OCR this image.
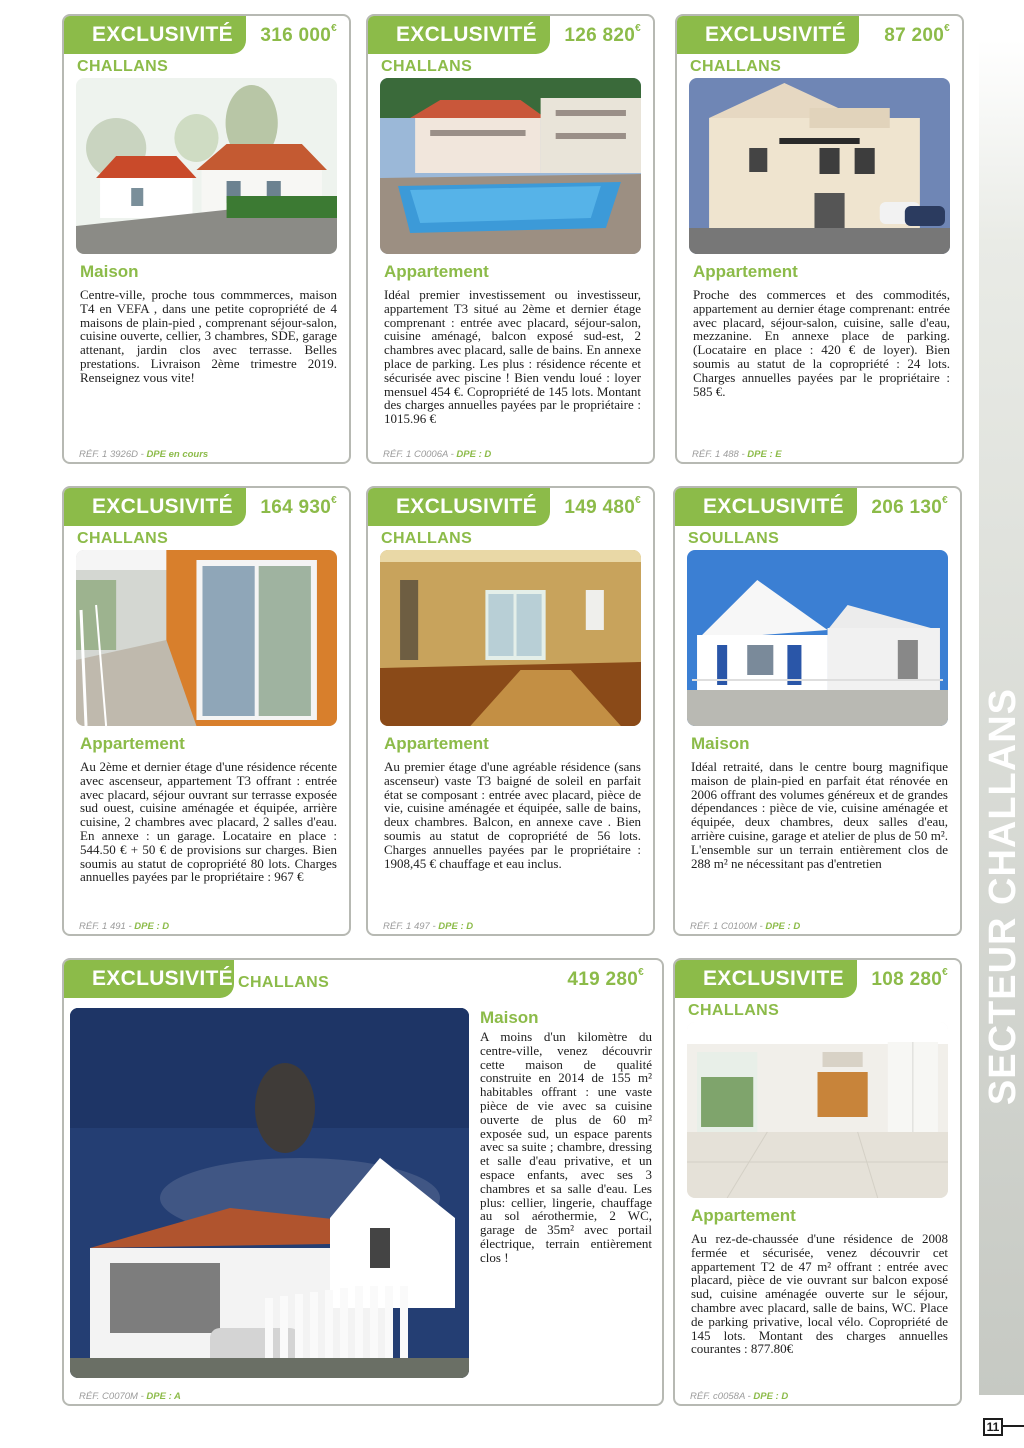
SECTEUR CHALLANS
11
EXCLUSIVITÉ	316 000€
CHALLANS
Maison

Centre-ville, proche tous commmerces, maison T4 en VEFA , dans une petite copropriété de 4 maisons de plain-pied , comprenant séjour-salon, cuisine ouverte, cellier, 3 chambres, SDE, garage attenant, jardin clos avec terrasse. Belles prestations. Livraison 2ème trimestre 2019. Renseignez vous vite!

RÉF. 1 3926D - DPE en cours
EXCLUSIVITÉ	126 820€
CHALLANS
Appartement

Idéal premier investissement ou investisseur, appartement T3 situé au 2ème et dernier étage comprenant : entrée avec placard, séjour-salon, cuisine aménagé, balcon exposé sud-est, 2 chambres avec placard, salle de bains. En annexe place de parking. Les plus : résidence récente et sécurisée avec piscine ! Bien vendu loué : loyer mensuel 454 €. Copropriété de 145 lots. Montant des charges annuelles payées par le propriétaire : 1015.96 €

RÉF. 1 C0006A - DPE : D
EXCLUSIVITÉ	87 200€
CHALLANS
Appartement

Proche des commerces et des commodités, appartement au dernier étage comprenant: entrée avec placard, séjour-salon, cuisine, salle d'eau, mezzanine. En annexe place de parking. (Locataire en place : 420 € de loyer). Bien soumis au statut de la copropriété : 24 lots. Charges annuelles payées par le propriétaire : 585 €.

RÉF. 1 488 - DPE : E
EXCLUSIVITÉ	164 930€
CHALLANS
Appartement

Au 2ème et dernier étage d'une résidence récente avec ascenseur, appartement T3 offrant : entrée avec placard, séjour ouvrant sur terrasse exposée sud ouest, cuisine aménagée et équipée, arrière cuisine, 2 chambres avec placard, 2 salles d'eau. En annexe : un garage. Locataire en place : 544.50 € + 50 € de provisions sur charges. Bien soumis au statut de copropriété 80 lots. Charges annuelles payées par le propriétaire : 967 €

RÉF. 1 491 - DPE : D
EXCLUSIVITÉ	149 480€
CHALLANS
Appartement

Au premier étage d'une agréable résidence (sans ascenseur) vaste T3 baigné de soleil en parfait état se composant : entrée avec placard, pièce de vie, cuisine aménagée et équipée, salle de bains, deux chambres. Balcon, en annexe cave . Bien soumis au statut de copropriété de 56 lots. Charges annuelles payées par le propriétaire : 1908,45 € chauffage et eau inclus.

RÉF. 1 497 - DPE : D
EXCLUSIVITÉ	206 130€
SOULLANS
Maison

Idéal retraité, dans le centre bourg magnifique maison de plain-pied en parfait état rénovée en 2006 offrant des volumes généreux et de grandes dépendances : pièce de vie, cuisine aménagée et équipée, deux chambres, deux salles d'eau, arrière cuisine, garage et atelier de plus de 50 m². L'ensemble sur un terrain entièrement clos de 288 m² ne nécessitant pas d'entretien

RÉF. 1 C0100M - DPE : D
EXCLUSIVITÉ CHALLANS	419 280€
Maison

A moins d'un kilomètre du centre-ville, venez découvrir cette maison de qualité construite en 2014 de 155 m² habitables offrant : une vaste pièce de vie avec sa cuisine ouverte de plus de 60 m² exposée sud, un espace parents avec sa suite ; chambre, dressing et salle d'eau privative, et un espace enfants, avec ses 3 chambres et sa salle d'eau. Les plus: cellier, lingerie, chauffage au sol aérothermie, 2 WC, garage de 35m² avec portail électrique, terrain entièrement clos !

RÉF. C0070M - DPE : A
EXCLUSIVITE	108 280€
CHALLANS
Appartement

Au rez-de-chaussée d'une résidence de 2008 fermée et sécurisée, venez découvrir cet appartement T2 de 47 m² offrant : entrée avec placard, pièce de vie ouvrant sur balcon exposé sud, cuisine aménagée ouverte sur le séjour, chambre avec placard, salle de bains, WC. Place de parking privative, local vélo. Copropriété de 145 lots. Montant des charges annuelles courantes : 877.80€

RÉF. c0058A - DPE : D
